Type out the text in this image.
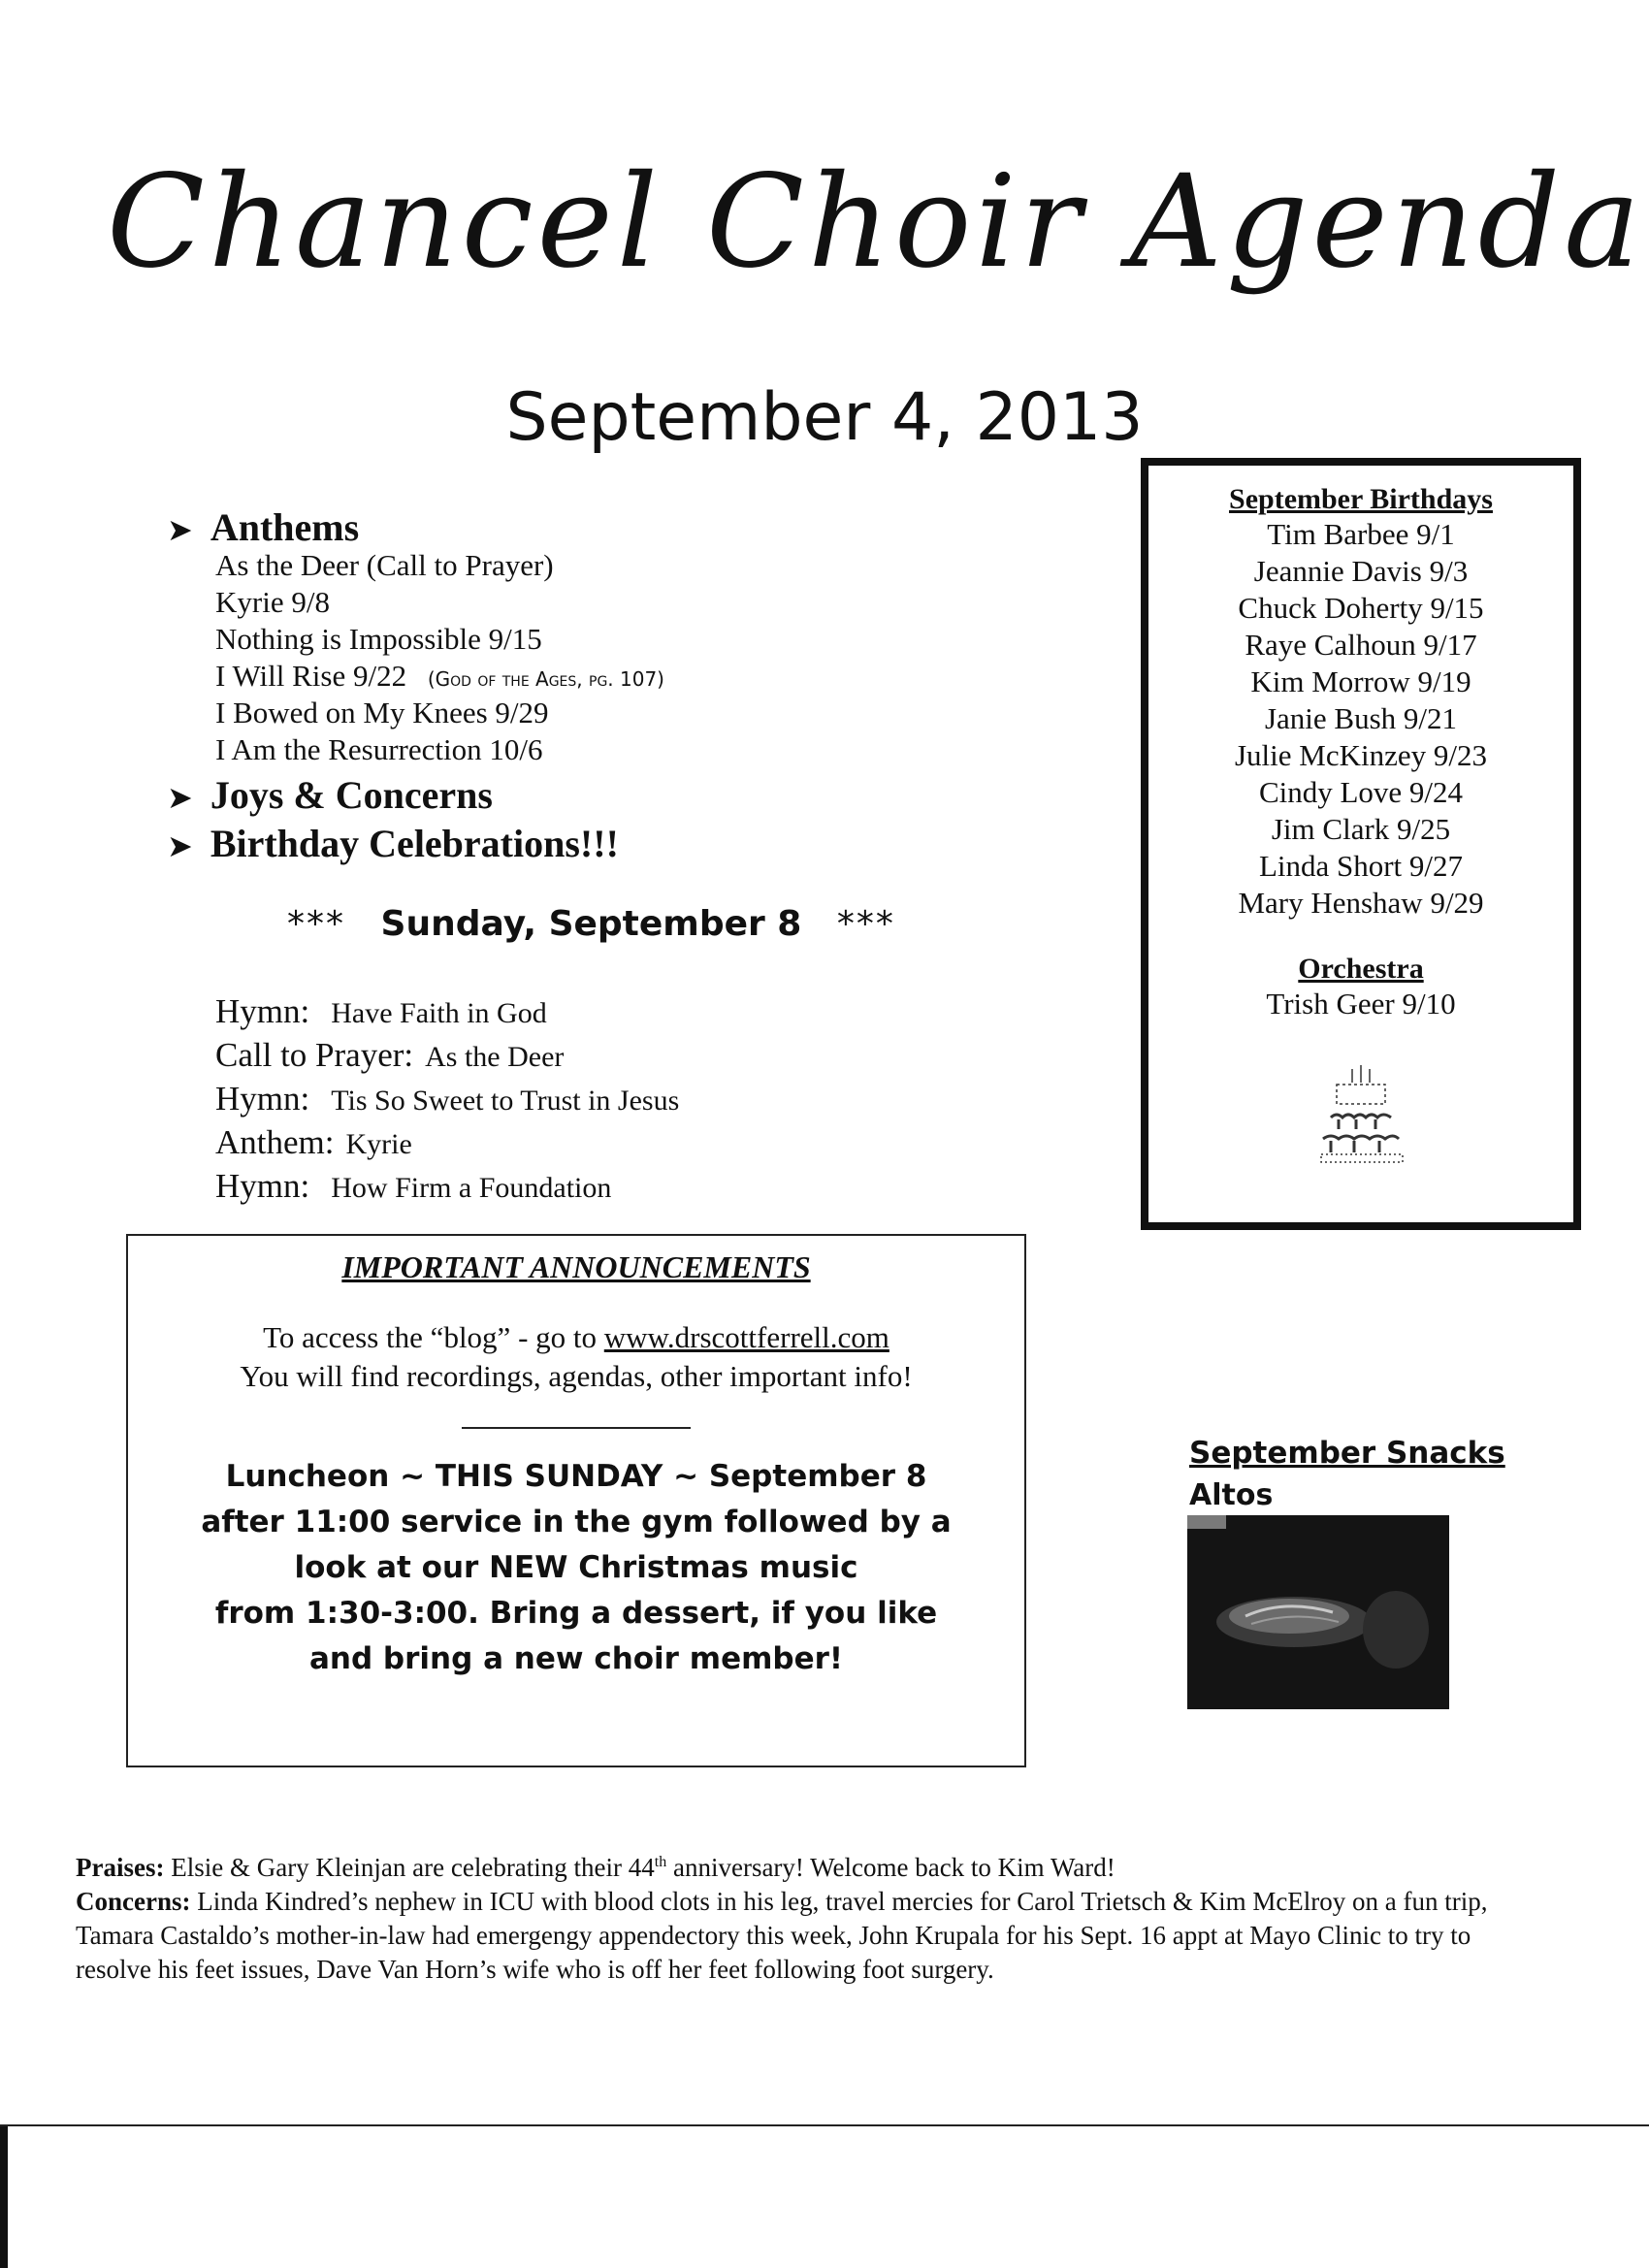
Chancel Choir Agenda
September 4, 2013
➤ Anthems
As the Deer (Call to Prayer)
Kyrie 9/8
Nothing is Impossible 9/15
I Will Rise 9/22 (God of the Ages, pg. 107)
I Bowed on My Knees 9/29
I Am the Resurrection 10/6
➤ Joys & Concerns
➤ Birthday Celebrations!!!
*** Sunday, September 8 ***
Hymn: Have Faith in God
Call to Prayer: As the Deer
Hymn: Tis So Sweet to Trust in Jesus
Anthem: Kyrie
Hymn: How Firm a Foundation
September Birthdays
Tim Barbee 9/1
Jeannie Davis 9/3
Chuck Doherty 9/15
Raye Calhoun 9/17
Kim Morrow 9/19
Janie Bush 9/21
Julie McKinzey 9/23
Cindy Love 9/24
Jim Clark 9/25
Linda Short 9/27
Mary Henshaw 9/29
Orchestra
Trish Geer 9/10
IMPORTANT ANNOUNCEMENTS
To access the “blog” - go to www.drscottferrell.com
You will find recordings, agendas, other important info!
Luncheon ~ THIS SUNDAY ~ September 8
after 11:00 service in the gym followed by a
look at our NEW Christmas music
from 1:30-3:00. Bring a dessert, if you like
and bring a new choir member!
September Snacks
Altos
Praises: Elsie & Gary Kleinjan are celebrating their 44th anniversary! Welcome back to Kim Ward!
Concerns: Linda Kindred’s nephew in ICU with blood clots in his leg, travel mercies for Carol Trietsch & Kim McElroy on a fun trip, Tamara Castaldo’s mother-in-law had emergengy appendectory this week, John Krupala for his Sept. 16 appt at Mayo Clinic to try to resolve his feet issues, Dave Van Horn’s wife who is off her feet following foot surgery.
